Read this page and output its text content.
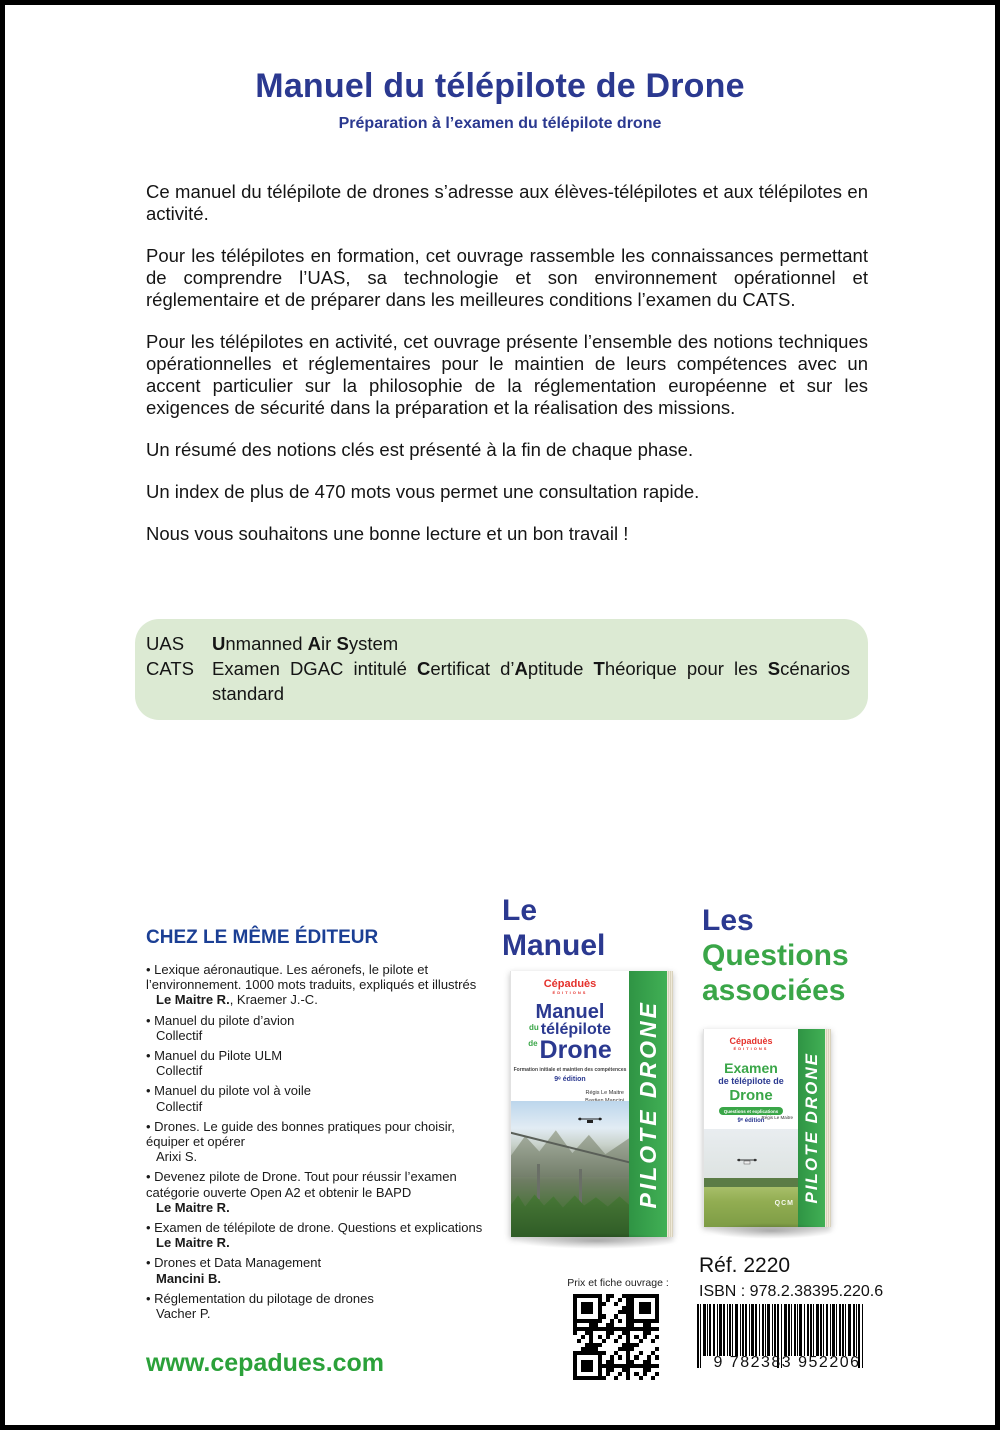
Manuel du télépilote de Drone
Préparation à l’examen du télépilote drone

Ce manuel du télépilote de drones s’adresse aux élèves-télépilotes et aux télépilotes en activité.

Pour les télépilotes en formation, cet ouvrage rassemble les connaissances permettant de comprendre l’UAS, sa technologie et son environnement opérationnel et réglementaire et de préparer dans les meilleures conditions l’examen du CATS.

Pour les télépilotes en activité, cet ouvrage présente l’ensemble des notions techniques opérationnelles et réglementaires pour le maintien de leurs compétences avec un accent particulier sur la philosophie de la réglementation européenne et sur les exigences de sécurité dans la préparation et la réalisation des missions.

Un résumé des notions clés est présenté à la fin de chaque phase.

Un index de plus de 470 mots vous permet une consultation rapide.

Nous vous souhaitons une bonne lecture et un bon travail !

UAS	Unmanned Air System
CATS Examen DGAC intitulé Certificat d’Aptitude Théorique pour les Scénarios standard
CHEZ LE MÊME ÉDITEUR
• Lexique aéronautique. Les aéronefs, le pilote et l’environnement. 1000 mots traduits, expliqués et illustrés
Le Maitre R., Kraemer J.-C.
• Manuel du pilote d’avion
Collectif
• Manuel du Pilote ULM
Collectif
• Manuel du pilote vol à voile
Collectif
• Drones. Le guide des bonnes pratiques pour choisir, équiper et opérer
Arixi S.
• Devenez pilote de Drone. Tout pour réussir l’examen catégorie ouverte Open A2 et obtenir le BAPD
Le Maitre R.
• Examen de télépilote de drone. Questions et explications
Le Maitre R.
• Drones et Data Management
Mancini B.
• Réglementation du pilotage de drones
Vacher P.
www.cepadues.com
Le
Manuel
Les
Questions
associées
Cépaduès
ÉDITIONS
Manuel
du télépilote
de Drone
Formation initiale et maintien des compétences
9ᵉ édition
Régis Le Maitre PILOTE DRONE	Cépaduès
ÉDITIONS
Examen
de télépilote de
Drone
Questions et explications
9ᵉ édition
Régis Le Maitre
QCM PILOTE DRONE
Prix et fiche ouvrage :
Réf. 2220
ISBN : 978.2.38395.220.6
9 782383 952206
